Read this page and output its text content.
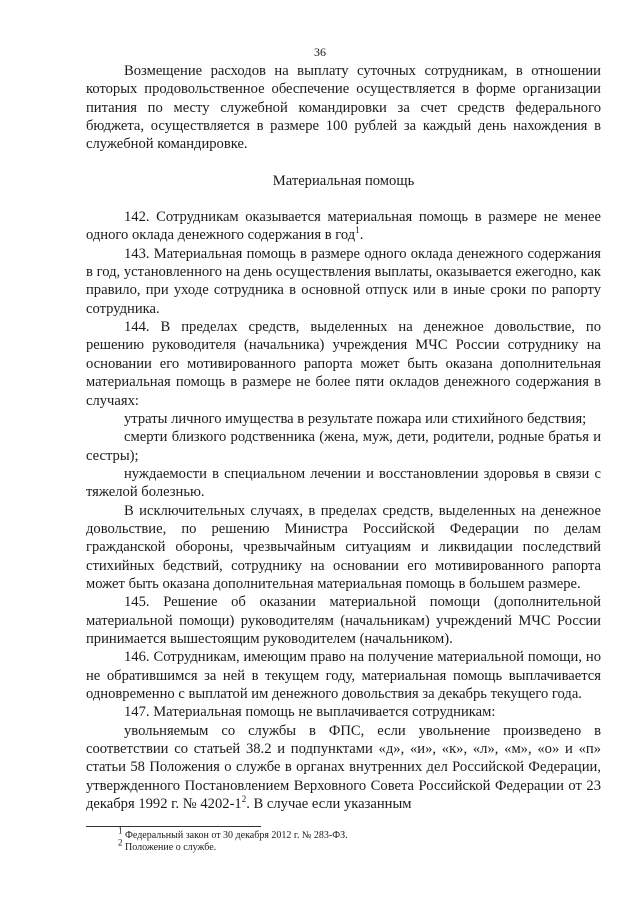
36

Возмещение расходов на выплату суточных сотрудникам, в отношении которых продовольственное обеспечение осуществляется в форме организации питания по месту служебной командировки за счет средств федерального бюджета, осуществляется в размере 100 рублей за каждый день нахождения в служебной командировке.

Материальная помощь

142. Сотрудникам оказывается материальная помощь в размере не менее одного оклада денежного содержания в год$^1$.

143. Материальная помощь в размере одного оклада денежного содержания в год, установленного на день осуществления выплаты, оказывается ежегодно, как правило, при уходе сотрудника в основной отпуск или в иные сроки по рапорту сотрудника.

144. В пределах средств, выделенных на денежное довольствие, по решению руководителя (начальника) учреждения МЧС России сотруднику на основании его мотивированного рапорта может быть оказана дополнительная материальная помощь в размере не более пяти окладов денежного содержания в случаях:

утраты личного имущества в результате пожара или стихийного бедствия;

смерти близкого родственника (жена, муж, дети, родители, родные братья и сестры);

нуждаемости в специальном лечении и восстановлении здоровья в связи с тяжелой болезнью.

В исключительных случаях, в пределах средств, выделенных на денежное довольствие, по решению Министра Российской Федерации по делам гражданской обороны, чрезвычайным ситуациям и ликвидации последствий стихийных бедствий, сотруднику на основании его мотивированного рапорта может быть оказана дополнительная материальная помощь в большем размере.

145. Решение об оказании материальной помощи (дополнительной материальной помощи) руководителям (начальникам) учреждений МЧС России принимается вышестоящим руководителем (начальником).

146. Сотрудникам, имеющим право на получение материальной помощи, но не обратившимся за ней в текущем году, материальная помощь выплачивается одновременно с выплатой им денежного довольствия за декабрь текущего года.

147. Материальная помощь не выплачивается сотрудникам:

увольняемым со службы в ФПС, если увольнение произведено в соответствии со статьей 38.2 и подпунктами «д», «и», «к», «л», «м», «о» и «п» статьи 58 Положения о службе в органах внутренних дел Российской Федерации, утвержденного Постановлением Верховного Совета Российской Федерации от 23 декабря 1992 г. № $4202-1^2$. В случае если указанным

$^1$ Федеральный закон от 30 декабря 2012 г. № 283-ФЗ.
$^2$ Положение о службе.
